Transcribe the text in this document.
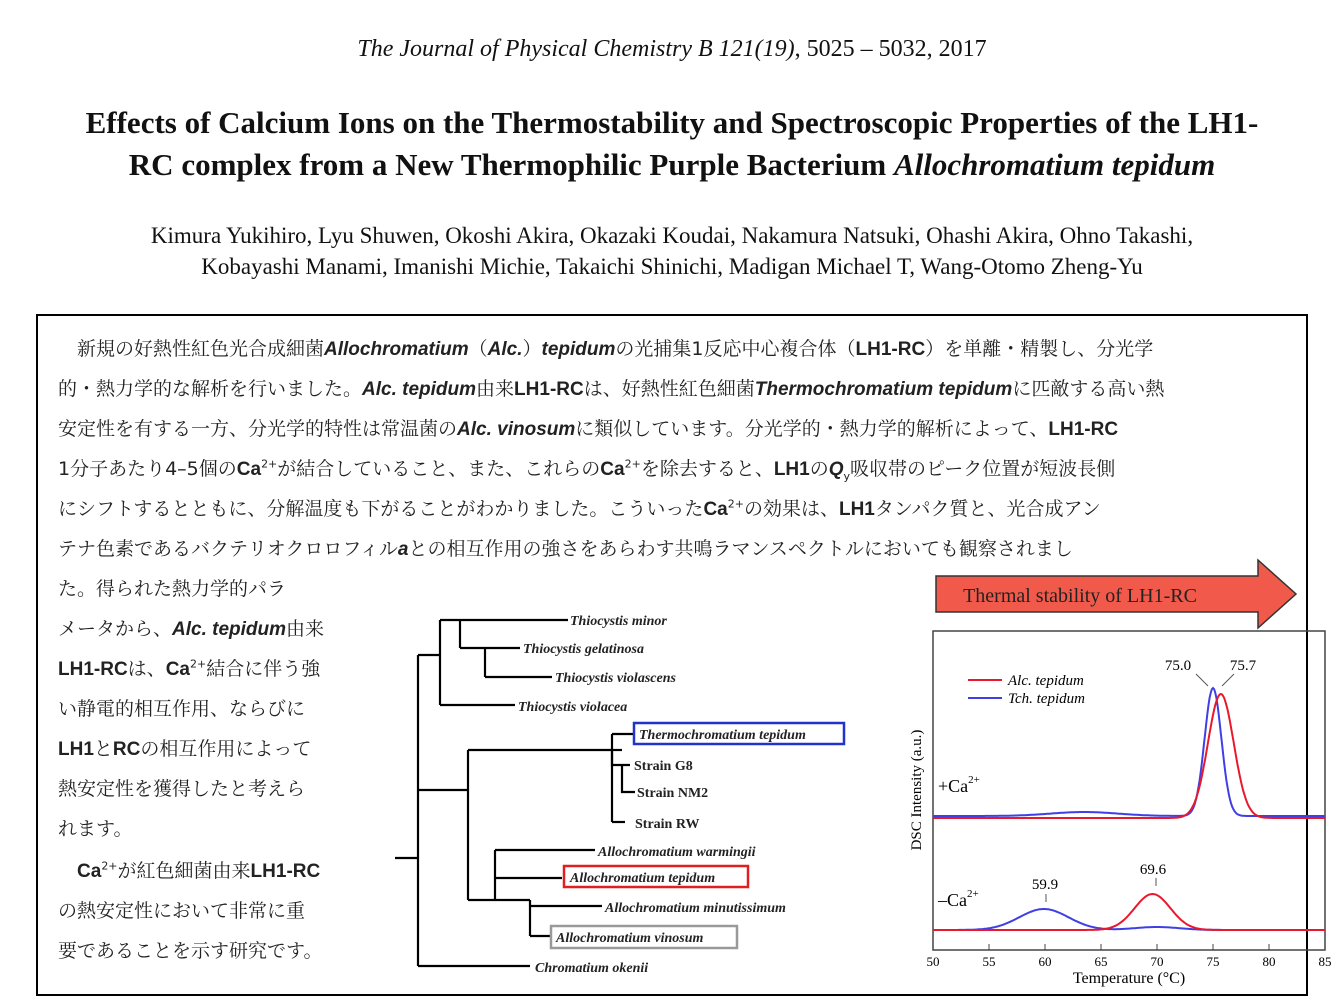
The Journal of Physical Chemistry B 121(19), 5025 – 5032, 2017
Effects of Calcium Ions on the Thermostability and Spectroscopic Properties of the LH1-
RC complex from a New Thermophilic Purple Bacterium Allochromatium tepidum
Kimura Yukihiro, Lyu Shuwen, Okoshi Akira, Okazaki Koudai, Nakamura Natsuki, Ohashi Akira, Ohno Takashi,
Kobayashi Manami, Imanishi Michie, Takaichi Shinichi, Madigan Michael T, Wang-Otomo Zheng-Yu
　新規の好熱性紅色光合成細菌Allochromatium（Alc.）tepidumの光捕集1反応中心複合体（LH1-RC）を単離・精製し、分光学
的・熱力学的な解析を行いました。Alc. tepidum由来LH1-RCは、好熱性紅色細菌Thermochromatium tepidumに匹敵する高い熱
安定性を有する一方、分光学的特性は常温菌のAlc. vinosumに類似しています。分光学的・熱力学的解析によって、LH1-RC
1分子あたり4–5個の$Ca^{2+}$が結合していること、また、これらの$Ca^{2+}$を除去すると、LH1の$Q_y$吸収帯のピーク位置が短波長側
にシフトするとともに、分解温度も下がることがわかりました。こういった$Ca^{2+}$の効果は、LH1タンパク質と、光合成アン
テナ色素であるバクテリオクロロフィルaとの相互作用の強さをあらわす共鳴ラマンスペクトルにおいても観察されまし
た。得られた熱力学的パラ
メータから、Alc. tepidum由来
LH1-RCは、$Ca^{2+}$結合に伴う強
い静電的相互作用、ならびに
LH1とRCの相互作用によって
熱安定性を獲得したと考えら
れます。
　$Ca^{2+}$が紅色細菌由来LH1-RC
の熱安定性において非常に重
要であることを示す研究です。
Thiocystis minor
Thiocystis gelatinosa
Thiocystis violascens
Thiocystis violacea
Thermochromatium tepidum
Strain G8
Strain NM2
Strain RW
Allochromatium warmingii
Allochromatium tepidum
Allochromatium minutissimum
Allochromatium vinosum
Chromatium okenii
Thermal stability of LH1-RC
50	55	60	65	70	75	80	85
Temperature (°C)
DSC Intensity (a.u.)
Alc. tepidum
Tch. tepidum
$+Ca^{2+}$
$-Ca^{2+}$
75.0	75.7
59.9
69.6
